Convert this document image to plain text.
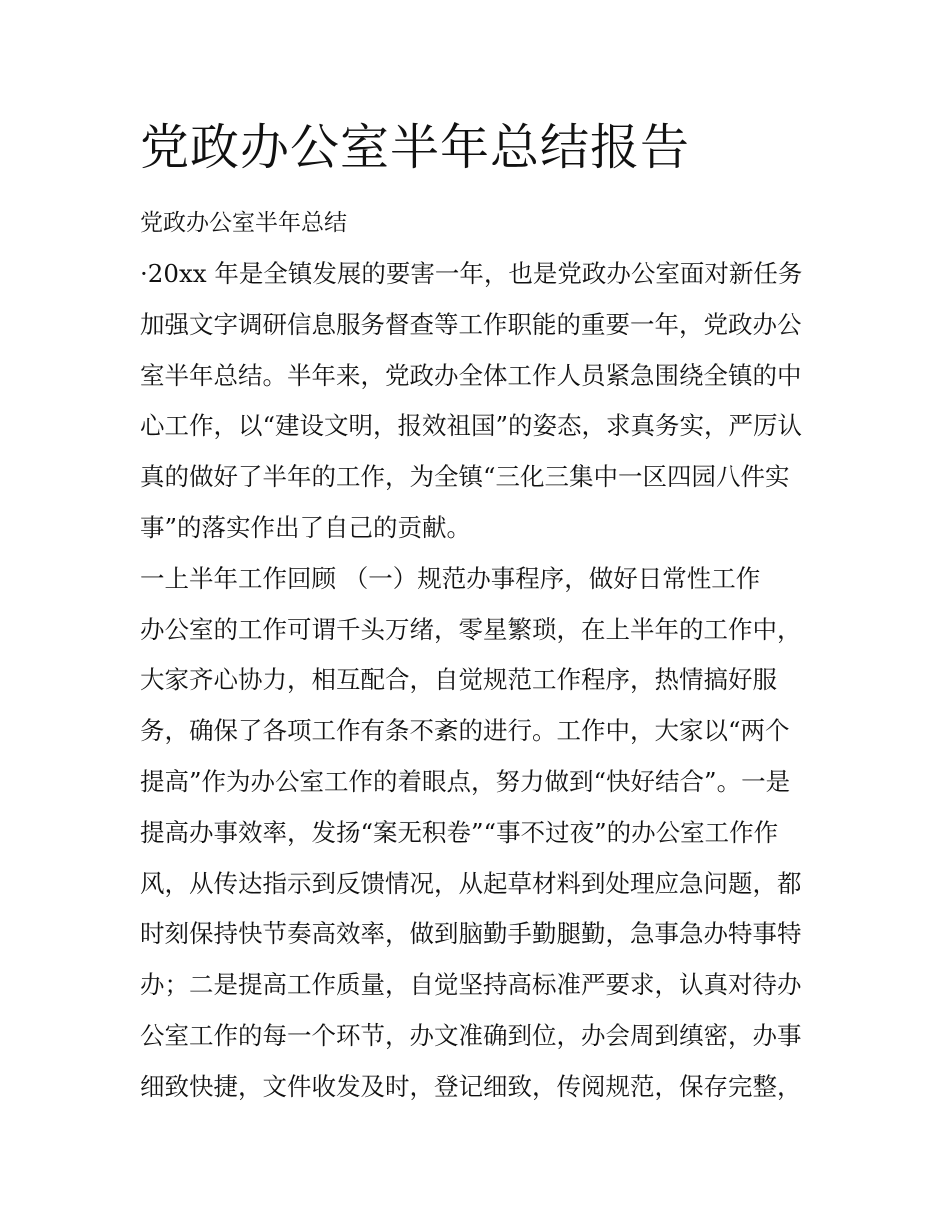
党政办公室半年总结报告

党政办公室半年总结

·20xx 年是全镇发展的要害一年，也是党政办公室面对新任务
加强文字调研信息服务督查等工作职能的重要一年，党政办公
室半年总结。半年来，党政办全体工作人员紧急围绕全镇的中
心工作，以“建设文明，报效祖国”的姿态，求真务实，严厉认
真的做好了半年的工作，为全镇“三化三集中一区四园八件实
事”的落实作出了自己的贡献。
一上半年工作回顾 （一）规范办事程序，做好日常性工作
办公室的工作可谓千头万绪，零星繁琐，在上半年的工作中，
大家齐心协力，相互配合，自觉规范工作程序，热情搞好服
务，确保了各项工作有条不紊的进行。工作中，大家以“两个
提高”作为办公室工作的着眼点，努力做到“快好结合”。一是
提高办事效率，发扬“案无积卷”“事不过夜”的办公室工作作
风，从传达指示到反馈情况，从起草材料到处理应急问题，都
时刻保持快节奏高效率，做到脑勤手勤腿勤，急事急办特事特
办；二是提高工作质量，自觉坚持高标准严要求，认真对待办
公室工作的每一个环节，办文准确到位，办会周到缜密，办事
细致快捷，文件收发及时，登记细致，传阅规范，保存完整，
